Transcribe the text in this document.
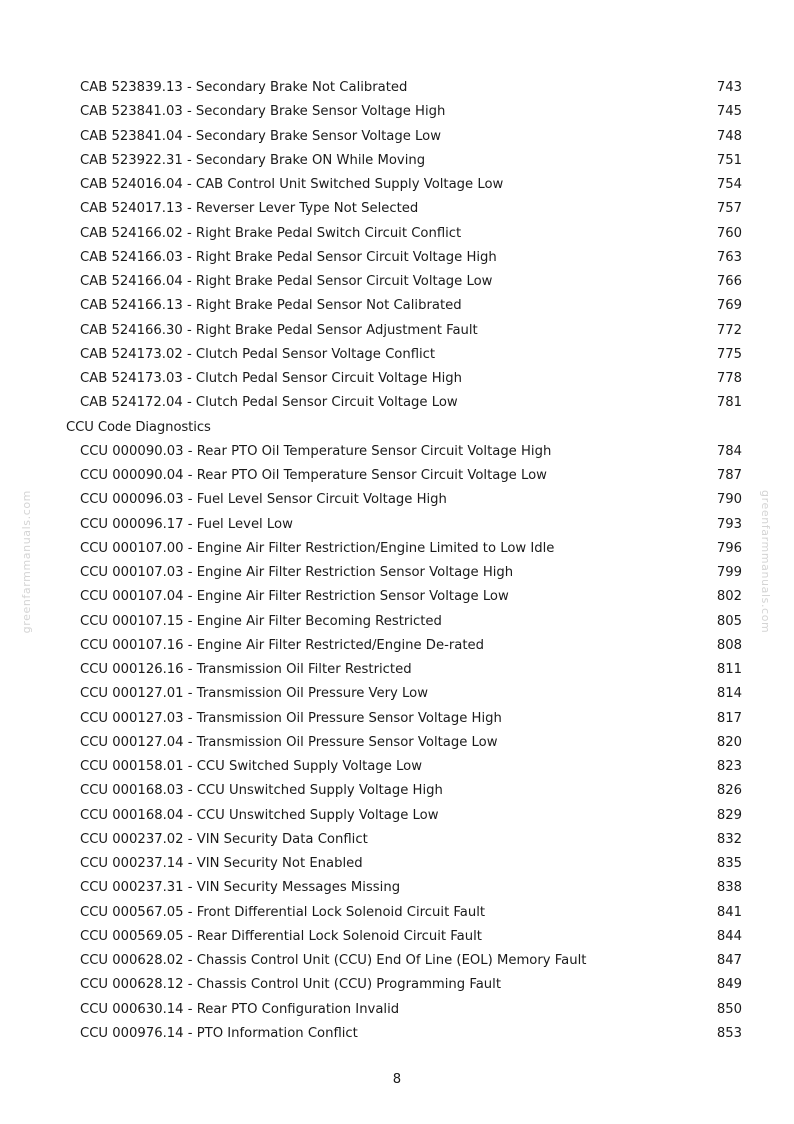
greenfarmmanuals.com	greenfarmmanuals.com
CAB 523839.13 - Secondary Brake Not Calibrated	743
CAB 523841.03 - Secondary Brake Sensor Voltage High	745
CAB 523841.04 - Secondary Brake Sensor Voltage Low	748
CAB 523922.31 - Secondary Brake ON While Moving	751
CAB 524016.04 - CAB Control Unit Switched Supply Voltage Low	754
CAB 524017.13 - Reverser Lever Type Not Selected	757
CAB 524166.02 - Right Brake Pedal Switch Circuit Conflict	760
CAB 524166.03 - Right Brake Pedal Sensor Circuit Voltage High	763
CAB 524166.04 - Right Brake Pedal Sensor Circuit Voltage Low	766
CAB 524166.13 - Right Brake Pedal Sensor Not Calibrated	769
CAB 524166.30 - Right Brake Pedal Sensor Adjustment Fault	772
CAB 524173.02 - Clutch Pedal Sensor Voltage Conflict	775
CAB 524173.03 - Clutch Pedal Sensor Circuit Voltage High	778
CAB 524172.04 - Clutch Pedal Sensor Circuit Voltage Low	781
CCU Code Diagnostics
CCU 000090.03 - Rear PTO Oil Temperature Sensor Circuit Voltage High	784
CCU 000090.04 - Rear PTO Oil Temperature Sensor Circuit Voltage Low	787
CCU 000096.03 - Fuel Level Sensor Circuit Voltage High	790
CCU 000096.17 - Fuel Level Low	793
CCU 000107.00 - Engine Air Filter Restriction/Engine Limited to Low Idle	796
CCU 000107.03 - Engine Air Filter Restriction Sensor Voltage High	799
CCU 000107.04 - Engine Air Filter Restriction Sensor Voltage Low	802
CCU 000107.15 - Engine Air Filter Becoming Restricted	805
CCU 000107.16 - Engine Air Filter Restricted/Engine De-rated	808
CCU 000126.16 - Transmission Oil Filter Restricted	811
CCU 000127.01 - Transmission Oil Pressure Very Low	814
CCU 000127.03 - Transmission Oil Pressure Sensor Voltage High	817
CCU 000127.04 - Transmission Oil Pressure Sensor Voltage Low	820
CCU 000158.01 - CCU Switched Supply Voltage Low	823
CCU 000168.03 - CCU Unswitched Supply Voltage High	826
CCU 000168.04 - CCU Unswitched Supply Voltage Low	829
CCU 000237.02 - VIN Security Data Conflict	832
CCU 000237.14 - VIN Security Not Enabled	835
CCU 000237.31 - VIN Security Messages Missing	838
CCU 000567.05 - Front Differential Lock Solenoid Circuit Fault	841
CCU 000569.05 - Rear Differential Lock Solenoid Circuit Fault	844
CCU 000628.02 - Chassis Control Unit (CCU) End Of Line (EOL) Memory Fault	847
CCU 000628.12 - Chassis Control Unit (CCU) Programming Fault	849
CCU 000630.14 - Rear PTO Configuration Invalid	850
CCU 000976.14 - PTO Information Conflict	853
8
